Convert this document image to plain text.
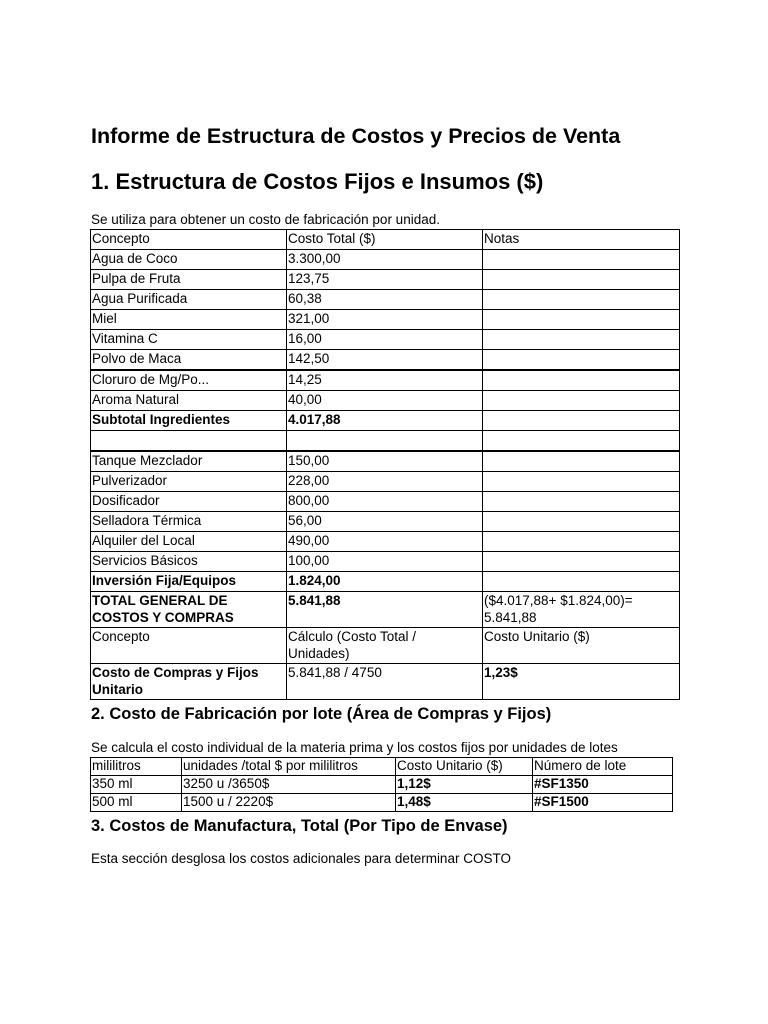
Informe de Estructura de Costos y Precios de Venta
1. Estructura de Costos Fijos e Insumos ($)
Se utiliza para obtener un costo de fabricación por unidad.
Concepto	Costo Total ($)	Notas
Agua de Coco	3.300,00	
Pulpa de Fruta	123,75	
Agua Purificada	60,38	
Miel	321,00	
Vitamina C	16,00	
Polvo de Maca	142,50	
Cloruro de Mg/Po...	14,25	
Aroma Natural	40,00	
Subtotal Ingredientes	4.017,88	

Tanque Mezclador	150,00	
Pulverizador	228,00	
Dosificador	800,00	
Selladora Térmica	56,00	
Alquiler del Local	490,00	
Servicios Básicos	100,00	
Inversión Fija/Equipos	1.824,00	
TOTAL GENERAL DE COSTOS Y COMPRAS	5.841,88	($4.017,88+ $1.824,00)= 5.841,88
Concepto	Cálculo (Costo Total / Unidades)	Costo Unitario ($)
Costo de Compras y Fijos Unitario	5.841,88 / 4750	1,23$
2. Costo de Fabricación por lote (Área de Compras y Fijos)
Se calcula el costo individual de la materia prima y los costos fijos por unidades de lotes
mililitros	unidades /total $ por mililitros	Costo Unitario ($)	Número de lote
350 ml	3250 u /3650$	1,12$	#SF1350
500 ml	1500 u / 2220$	1,48$	#SF1500
3. Costos de Manufactura, Total (Por Tipo de Envase)
Esta sección desglosa los costos adicionales para determinar COSTO
